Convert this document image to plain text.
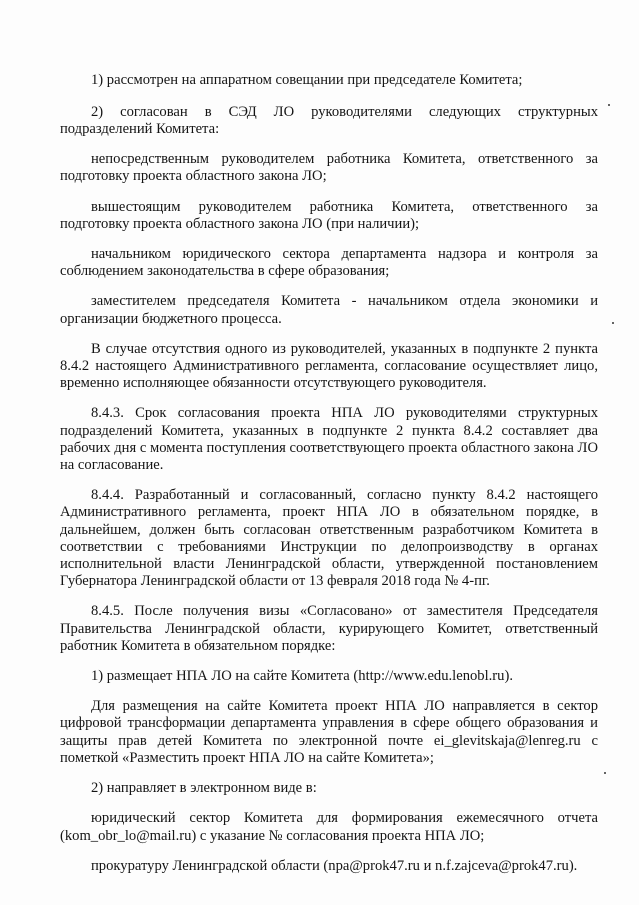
1) рассмотрен на аппаратном совещании при председателе Комитета;

2) согласован в СЭД ЛО руководителями следующих структурных подразделений Комитета:

непосредственным руководителем работника Комитета, ответственного за подготовку проекта областного закона ЛО;

вышестоящим руководителем работника Комитета, ответственного за подготовку проекта областного закона ЛО (при наличии);

начальником юридического сектора департамента надзора и контроля за соблюдением законодательства в сфере образования;

заместителем председателя Комитета - начальником отдела экономики и организации бюджетного процесса.

В случае отсутствия одного из руководителей, указанных в подпункте 2 пункта 8.4.2 настоящего Административного регламента, согласование осуществляет лицо, временно исполняющее обязанности отсутствующего руководителя.

8.4.3. Срок согласования проекта НПА ЛО руководителями структурных подразделений Комитета, указанных в подпункте 2 пункта 8.4.2 составляет два рабочих дня с момента поступления соответствующего проекта областного закона ЛО на согласование.

8.4.4. Разработанный и согласованный, согласно пункту 8.4.2 настоящего Административного регламента, проект НПА ЛО в обязательном порядке, в дальнейшем, должен быть согласован ответственным разработчиком Комитета в соответствии с требованиями Инструкции по делопроизводству в органах исполнительной власти Ленинградской области, утвержденной постановлением Губернатора Ленинградской области от 13 февраля 2018 года № 4-пг.

8.4.5. После получения визы «Согласовано» от заместителя Председателя Правительства Ленинградской области, курирующего Комитет, ответственный работник Комитета в обязательном порядке:

1) размещает НПА ЛО на сайте Комитета (http://www.edu.lenobl.ru).

Для размещения на сайте Комитета проект НПА ЛО направляется в сектор цифровой трансформации департамента управления в сфере общего образования и защиты прав детей Комитета по электронной почте ei_glevitskaja@lenreg.ru с пометкой «Разместить проект НПА ЛО на сайте Комитета»;

2) направляет в электронном виде в:

юридический сектор Комитета для формирования ежемесячного отчета (kom_obr_lo@mail.ru) с указание № согласования проекта НПА ЛО;

прокуратуру Ленинградской области (npa@prok47.ru и n.f.zajceva@prok47.ru).
